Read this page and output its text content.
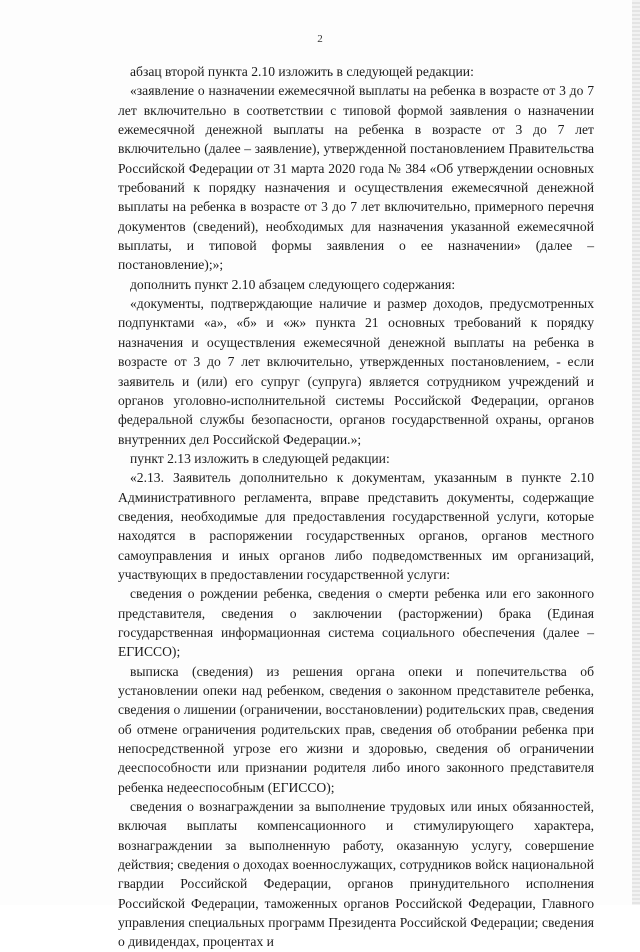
2

абзац второй пункта 2.10 изложить в следующей редакции:

«заявление о назначении ежемесячной выплаты на ребенка в возрасте от 3 до 7 лет включительно в соответствии с типовой формой заявления о назначении ежемесячной денежной выплаты на ребенка в возрасте от 3 до 7 лет включительно (далее – заявление), утвержденной постановлением Правительства Российской Федерации от 31 марта 2020 года № 384 «Об утверждении основных требований к порядку назначения и осуществления ежемесячной денежной выплаты на ребенка в возрасте от 3 до 7 лет включительно, примерного перечня документов (сведений), необходимых для назначения указанной ежемесячной выплаты, и типовой формы заявления о ее назначении» (далее – постановление);»;

дополнить пункт 2.10 абзацем следующего содержания:

«документы, подтверждающие наличие и размер доходов, предусмотренных подпунктами «а», «б» и «ж» пункта 21 основных требований к порядку назначения и осуществления ежемесячной денежной выплаты на ребенка в возрасте от 3 до 7 лет включительно, утвержденных постановлением, - если заявитель и (или) его супруг (супруга) является сотрудником учреждений и органов уголовно-исполнительной системы Российской Федерации, органов федеральной службы безопасности, органов государственной охраны, органов внутренних дел Российской Федерации.»;

пункт 2.13 изложить в следующей редакции:

«2.13. Заявитель дополнительно к документам, указанным в пункте 2.10 Административного регламента, вправе представить документы, содержащие сведения, необходимые для предоставления государственной услуги, которые находятся в распоряжении государственных органов, органов местного самоуправления и иных органов либо подведомственных им организаций, участвующих в предоставлении государственной услуги:

сведения о рождении ребенка, сведения о смерти ребенка или его законного представителя, сведения о заключении (расторжении) брака (Единая государственная информационная система социального обеспечения (далее – ЕГИССО);

выписка (сведения) из решения органа опеки и попечительства об установлении опеки над ребенком, сведения о законном представителе ребенка, сведения о лишении (ограничении, восстановлении) родительских прав, сведения об отмене ограничения родительских прав, сведения об отобрании ребенка при непосредственной угрозе его жизни и здоровью, сведения об ограничении дееспособности или признании родителя либо иного законного представителя ребенка недееспособным (ЕГИССО);

сведения о вознаграждении за выполнение трудовых или иных обязанностей, включая выплаты компенсационного и стимулирующего характера, вознаграждении за выполненную работу, оказанную услугу, совершение действия; сведения о доходах военнослужащих, сотрудников войск национальной гвардии Российской Федерации, органов принудительного исполнения Российской Федерации, таможенных органов Российской Федерации, Главного управления специальных программ Президента Российской Федерации; сведения о дивидендах, процентах и
